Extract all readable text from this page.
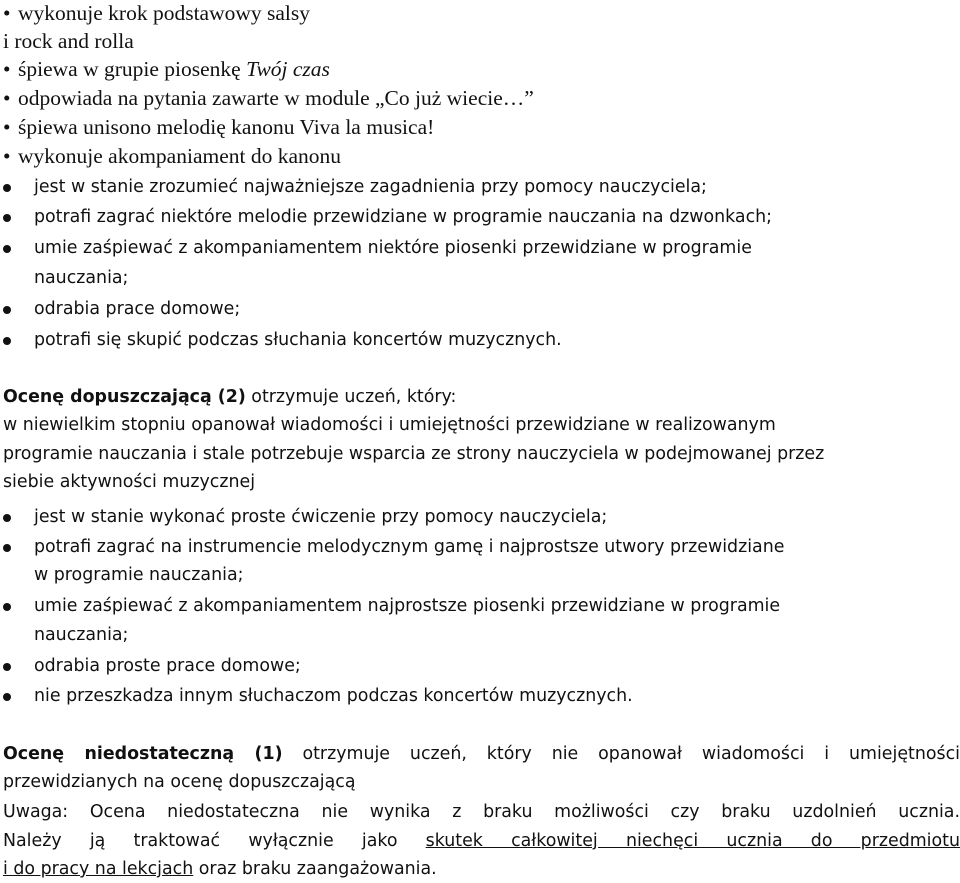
• wykonuje krok podstawowy salsy
i rock and rolla
• śpiewa w grupie piosenkę Twój czas
• odpowiada na pytania zawarte w module „Co już wiecie…”
• śpiewa unisono melodię kanonu Viva la musica!
• wykonuje akompaniament do kanonu
jest w stanie zrozumieć najważniejsze zagadnienia przy pomocy nauczyciela;
potrafi zagrać niektóre melodie przewidziane w programie nauczania na dzwonkach;
umie zaśpiewać z akompaniamentem niektóre piosenki przewidziane w programie
nauczania;
odrabia prace domowe;
potrafi się skupić podczas słuchania koncertów muzycznych.
Ocenę dopuszczającą (2) otrzymuje uczeń, który:
w niewielkim stopniu opanował wiadomości i umiejętności przewidziane w realizowanym
programie nauczania i stale potrzebuje wsparcia ze strony nauczyciela w podejmowanej przez
siebie aktywności muzycznej
jest w stanie wykonać proste ćwiczenie przy pomocy nauczyciela;
potrafi zagrać na instrumencie melodycznym gamę i najprostsze utwory przewidziane
w programie nauczania;
umie zaśpiewać z akompaniamentem najprostsze piosenki przewidziane w programie
nauczania;
odrabia proste prace domowe;
nie przeszkadza innym słuchaczom podczas koncertów muzycznych.
Ocenę niedostateczną (1) otrzymuje uczeń, który nie opanował wiadomości i umiejętności
przewidzianych na ocenę dopuszczającą
Uwaga: Ocena niedostateczna nie wynika z braku możliwości czy braku uzdolnień ucznia.
Należy ją traktować wyłącznie jako skutek całkowitej niechęci ucznia do przedmiotu
i do pracy na lekcjach oraz braku zaangażowania.
